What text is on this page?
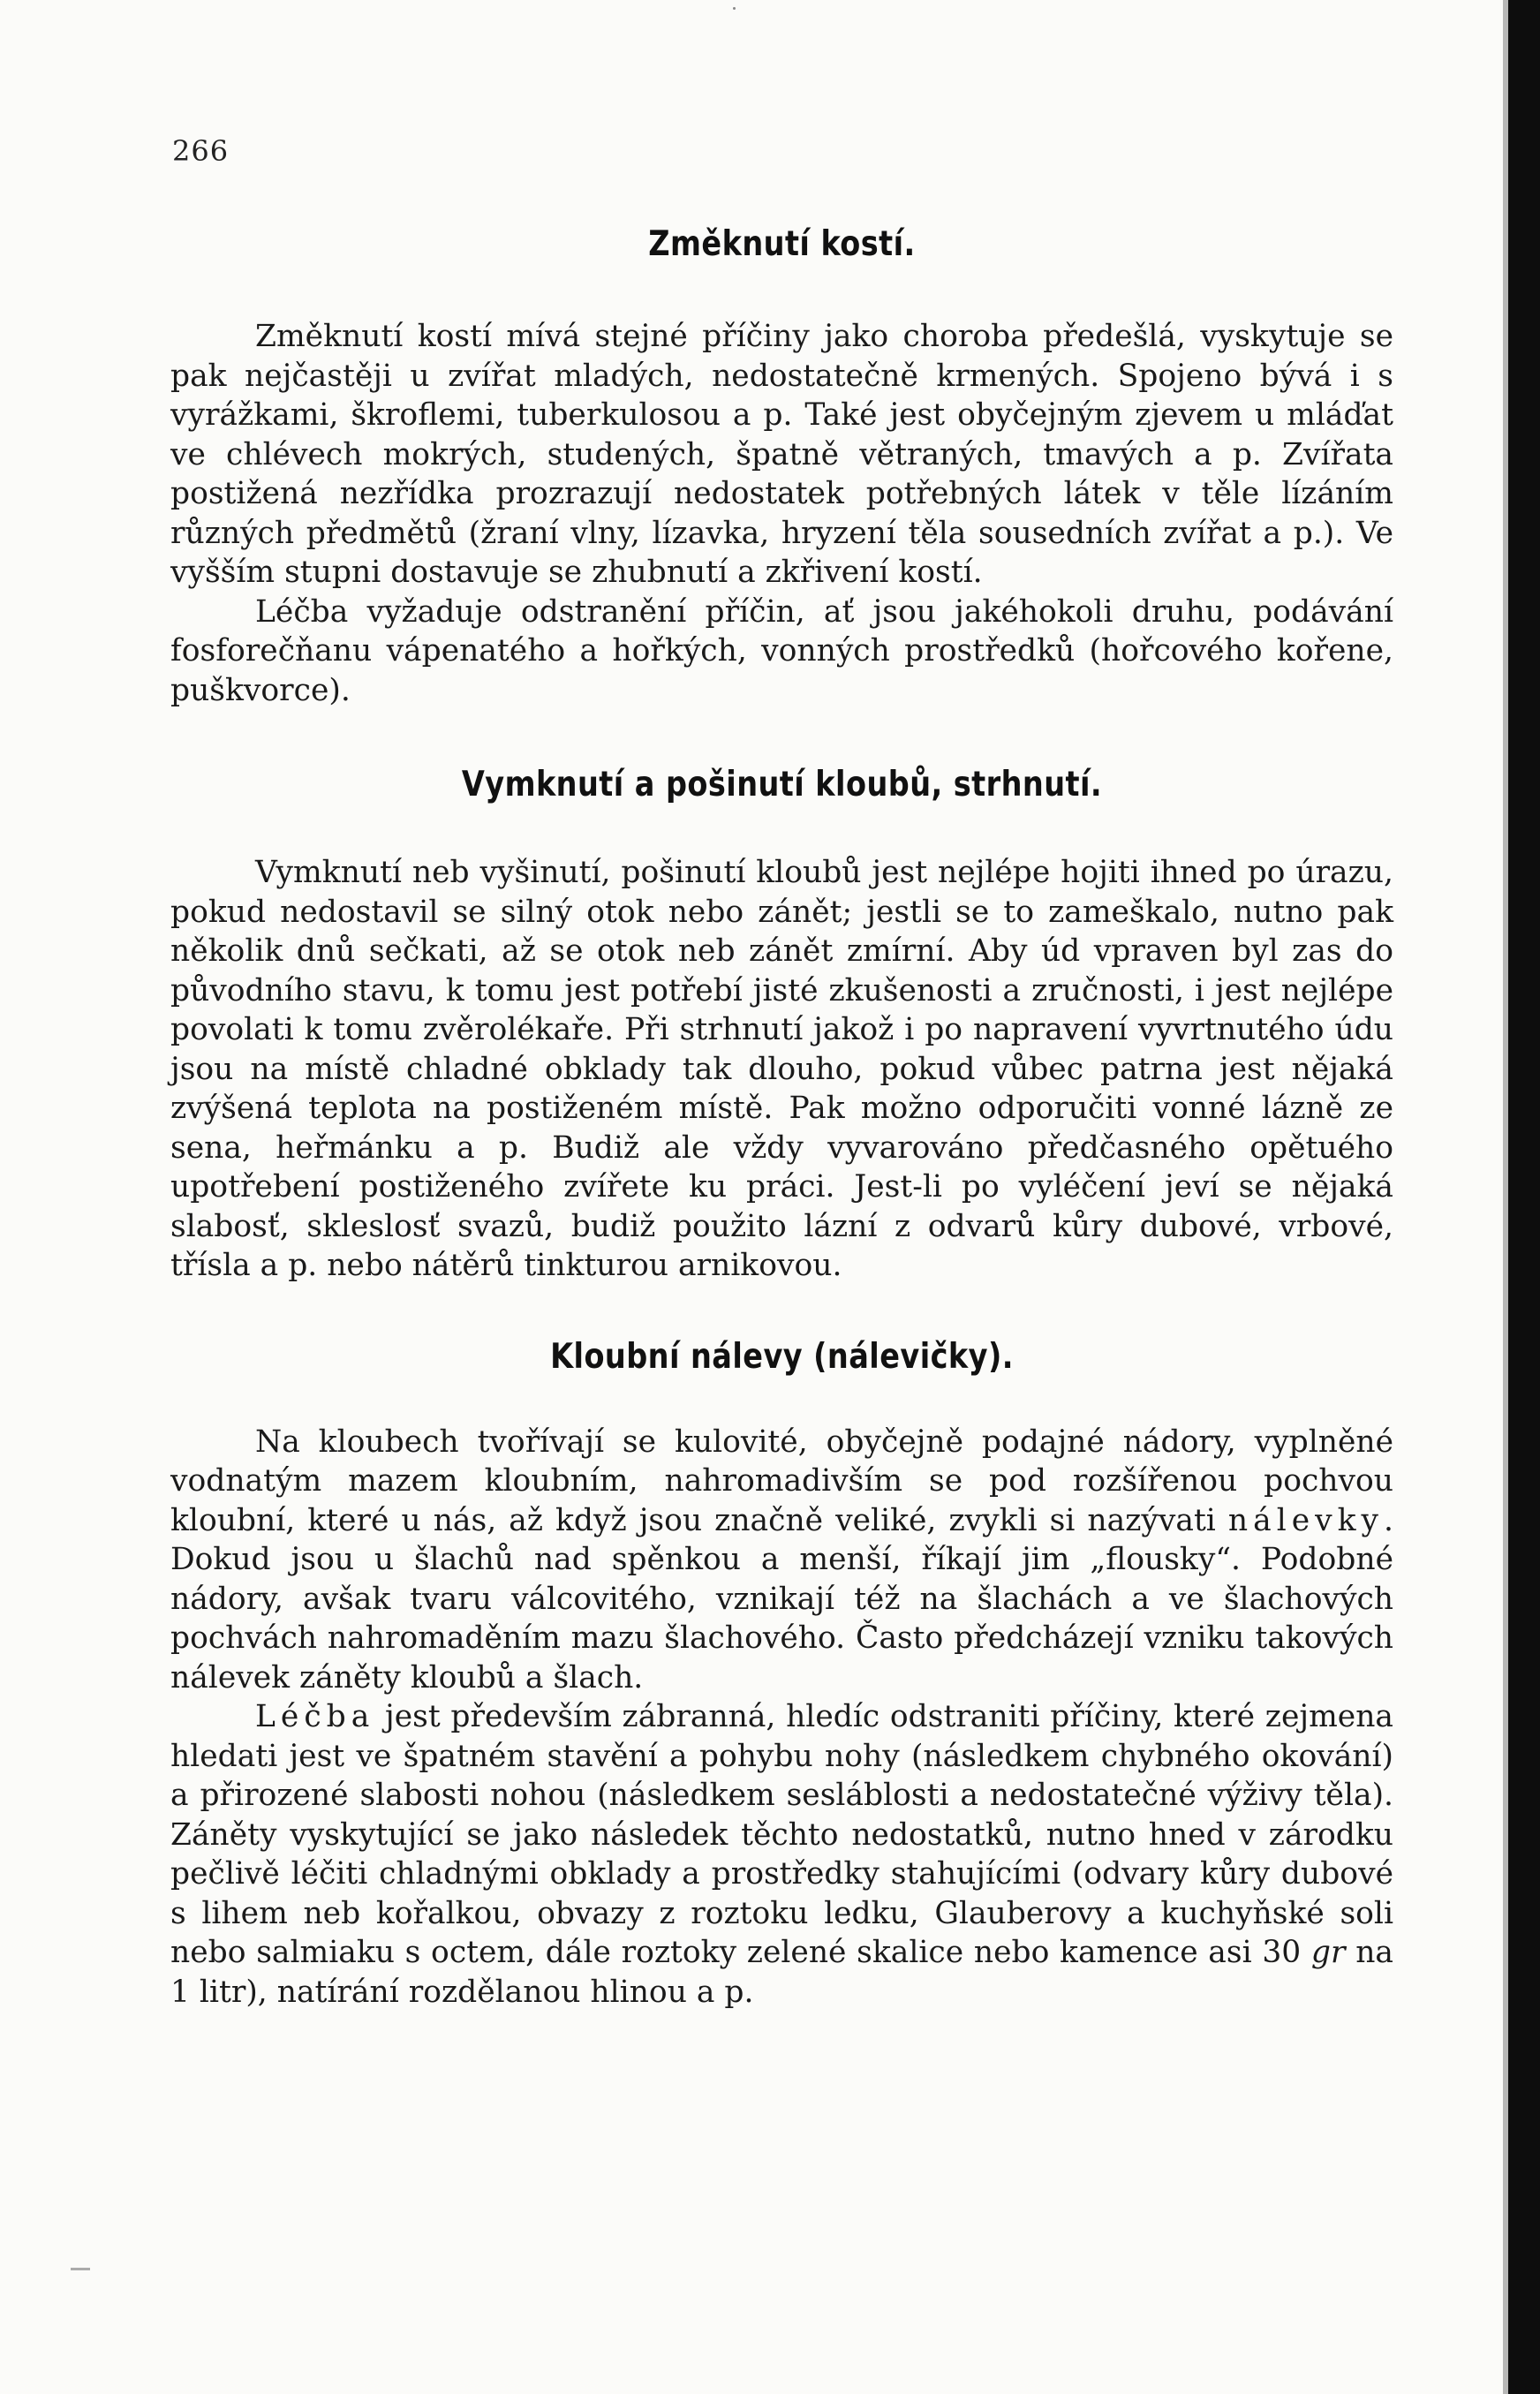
266
Změknutí kostí.

Změknutí kostí mívá stejné příčiny jako choroba předešlá, vyskytuje se pak nejčastěji u zvířat mladých, nedostatečně krmených. Spojeno bývá i s vyrážkami, škroflemi, tuberkulosou a p. Také jest obyčejným zjevem u mláďat ve chlévech mokrých, studených, špatně větraných, tmavých a p. Zvířata postižená nezřídka prozrazují nedostatek potřebných látek v těle lízáním různých předmětů (žraní vlny, lízavka, hryzení těla sousedních zvířat a p.). Ve vyšším stupni dostavuje se zhubnutí a zkřivení kostí.

Léčba vyžaduje odstranění příčin, ať jsou jakéhokoli druhu, podávání fosforečňanu vápenatého a hořkých, vonných prostředků (hořcového kořene, puškvorce).

Vymknutí a pošinutí kloubů, strhnutí.

Vymknutí neb vyšinutí, pošinutí kloubů jest nejlépe hojiti ihned po úrazu, pokud nedostavil se silný otok nebo zánět; jestli se to zameškalo, nutno pak několik dnů sečkati, až se otok neb zánět zmírní. Aby úd vpraven byl zas do původního stavu, k tomu jest potřebí jisté zkušenosti a zručnosti, i jest nejlépe povolati k tomu zvěrolékaře. Při strhnutí jakož i po napravení vyvrtnutého údu jsou na místě chladné obklady tak dlouho, pokud vůbec patrna jest nějaká zvýšená teplota na postiženém místě. Pak možno odporučiti vonné lázně ze sena, heřmánku a p. Budiž ale vždy vyvarováno předčasného opětuého upotřebení postiženého zvířete ku práci. Jest-li po vyléčení jeví se nějaká slabosť, skleslosť svazů, budiž použito lázní z odvarů kůry dubové, vrbové, třísla a p. nebo nátěrů tinkturou arnikovou.

Kloubní nálevy (nálevičky).

Na kloubech tvořívají se kulovité, obyčejně podajné nádory, vyplněné vodnatým mazem kloubním, nahromadivším se pod rozšířenou pochvou kloubní, které u nás, až když jsou značně veliké, zvykli si nazývati nálevky. Dokud jsou u šlachů nad spěnkou a menší, říkají jim „flousky“. Podobné nádory, avšak tvaru válcovitého, vznikají též na šlachách a ve šlachových pochvách nahromaděním mazu šlachového. Často předcházejí vzniku takových nálevek záněty kloubů a šlach.

Léčba jest především zábranná, hledíc odstraniti příčiny, které zejmena hledati jest ve špatném stavění a pohybu nohy (následkem chybného okování) a přirozené slabosti nohou (následkem sesláblosti a nedostatečné výživy těla). Záněty vyskytující se jako následek těchto nedostatků, nutno hned v zárodku pečlivě léčiti chladnými obklady a prostředky stahujícími (odvary kůry dubové s lihem neb kořalkou, obvazy z roztoku ledku, Glauberovy a kuchyňské soli nebo salmiaku s octem, dále roztoky zelené skalice nebo kamence asi 30 gr na 1 litr), natírání rozdělanou hlinou a p.
